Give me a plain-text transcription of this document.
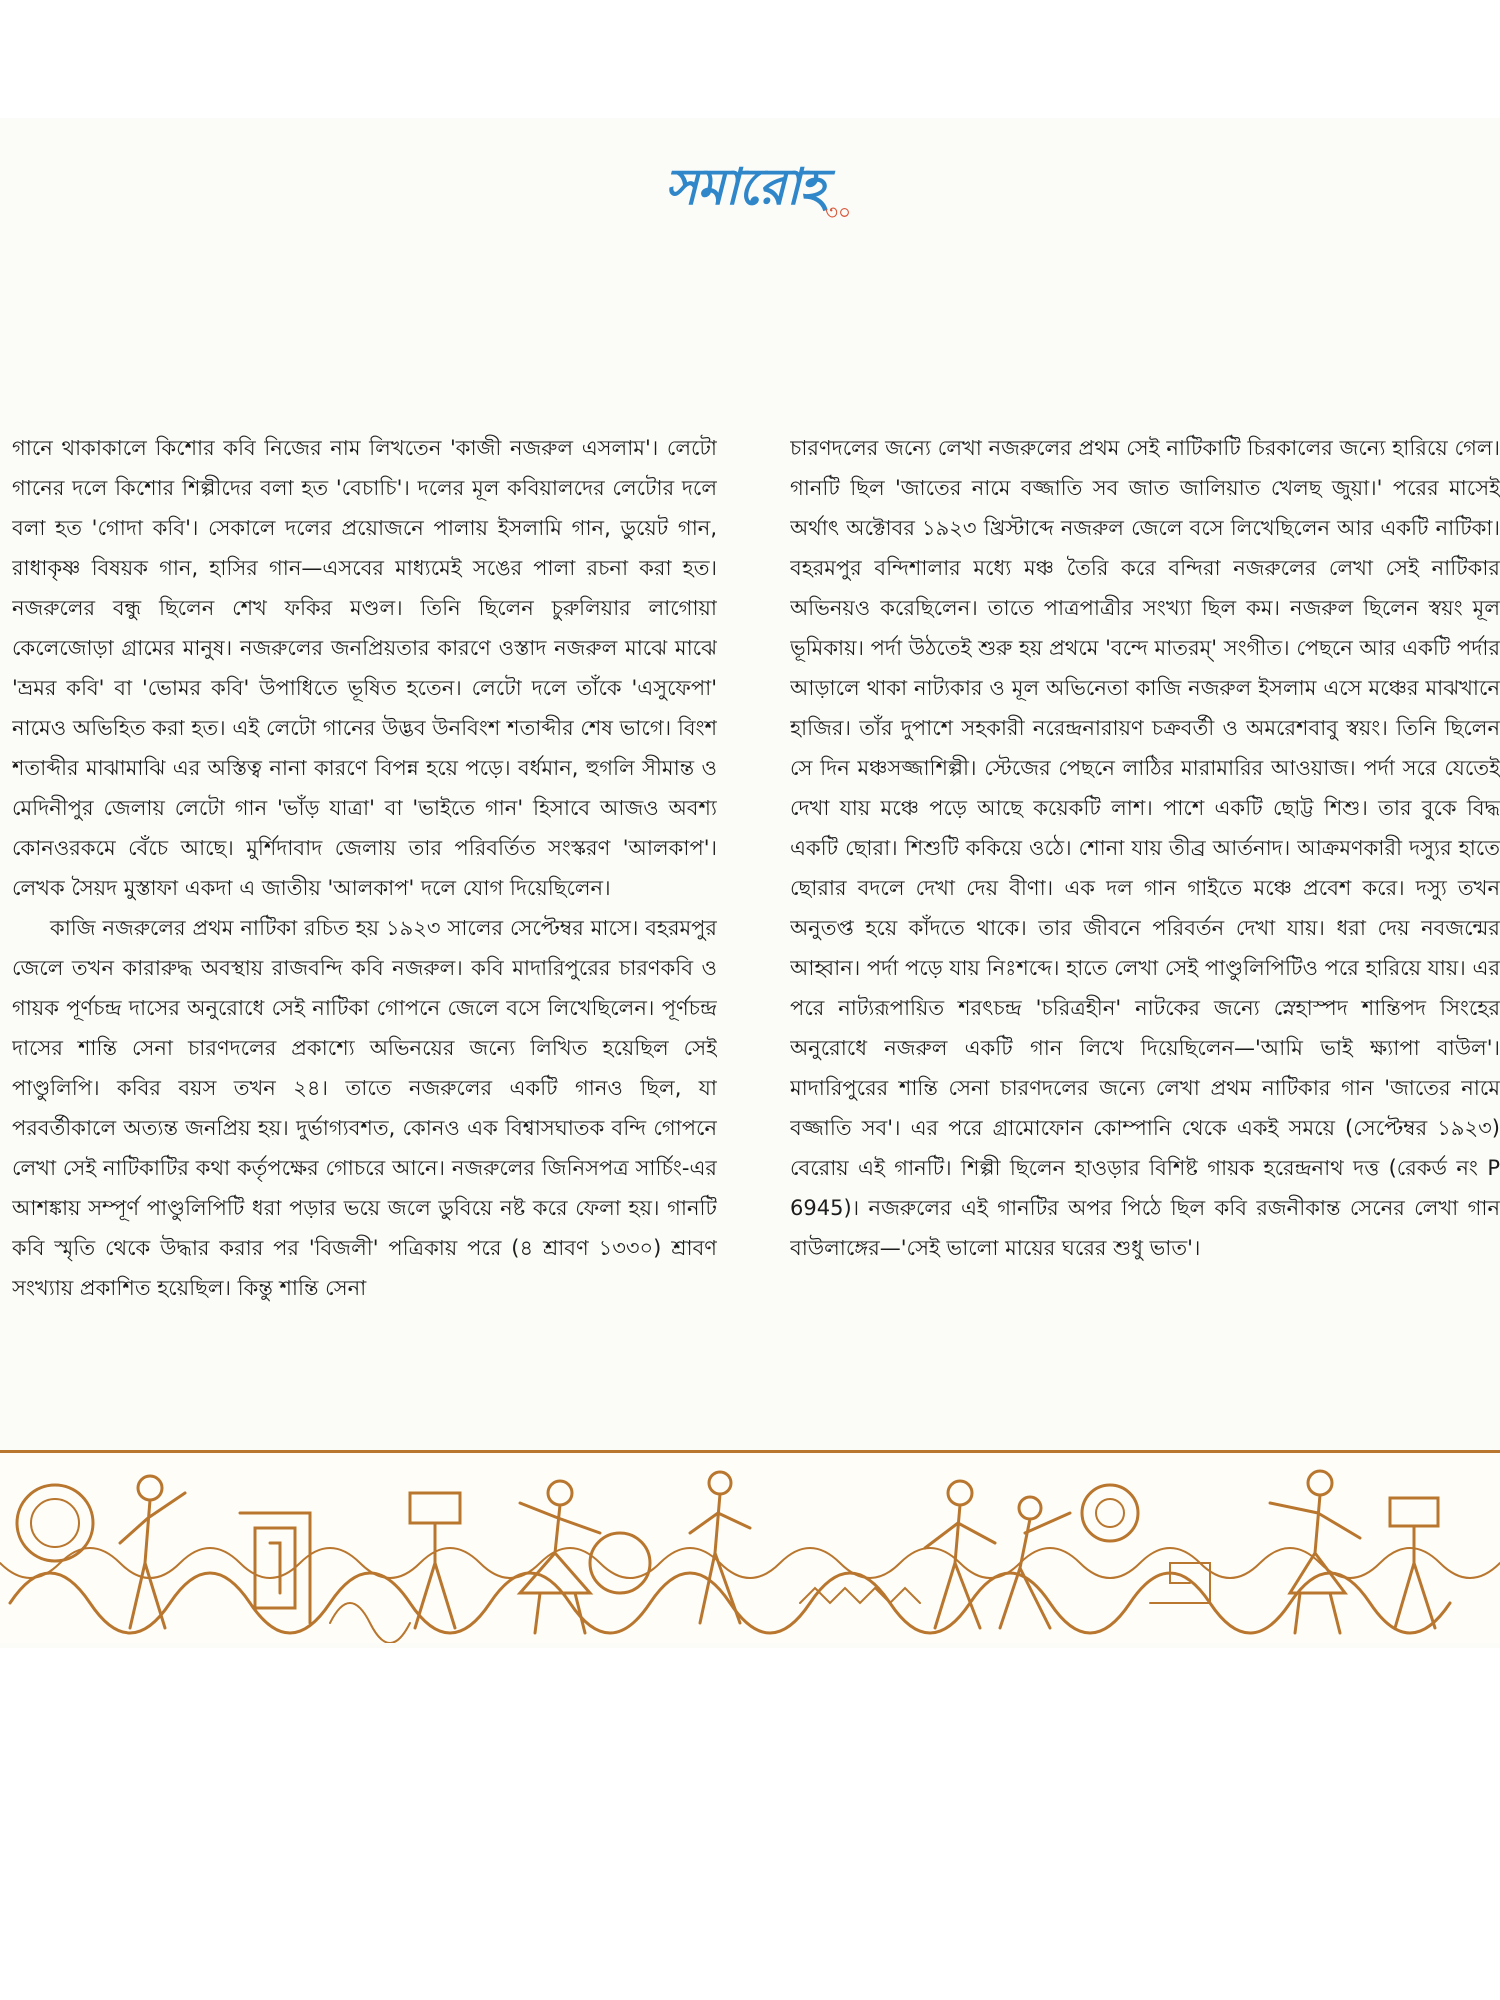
সমারোহ ৩০

গানে থাকাকালে কিশোর কবি নিজের নাম লিখতেন 'কাজী নজরুল এসলাম'। লেটো গানের দলে কিশোর শিল্পীদের বলা হত 'বেচাচি'। দলের মূল কবিয়ালদের লেটোর দলে বলা হত 'গোদা কবি'। সেকালে দলের প্রয়োজনে পালায় ইসলামি গান, ডুয়েট গান, রাধাকৃষ্ণ বিষয়ক গান, হাসির গান—এসবের মাধ্যমেই সঙের পালা রচনা করা হত। নজরুলের বন্ধু ছিলেন শেখ ফকির মণ্ডল। তিনি ছিলেন চুরুলিয়ার লাগোয়া কেলেজোড়া গ্রামের মানুষ। নজরুলের জনপ্রিয়তার কারণে ওস্তাদ নজরুল মাঝে মাঝে 'ভ্রমর কবি' বা 'ভোমর কবি' উপাধিতে ভূষিত হতেন। লেটো দলে তাঁকে 'এসুফেপা' নামেও অভিহিত করা হত। এই লেটো গানের উদ্ভব উনবিংশ শতাব্দীর শেষ ভাগে। বিংশ শতাব্দীর মাঝামাঝি এর অস্তিত্ব নানা কারণে বিপন্ন হয়ে পড়ে। বর্ধমান, হুগলি সীমান্ত ও মেদিনীপুর জেলায় লেটো গান 'ভাঁড় যাত্রা' বা 'ভাইতে গান' হিসাবে আজও অবশ্য কোনওরকমে বেঁচে আছে। মুর্শিদাবাদ জেলায় তার পরিবর্তিত সংস্করণ 'আলকাপ'। লেখক সৈয়দ মুস্তাফা একদা এ জাতীয় 'আলকাপ' দলে যোগ দিয়েছিলেন।

কাজি নজরুলের প্রথম নাটিকা রচিত হয় ১৯২৩ সালের সেপ্টেম্বর মাসে। বহরমপুর জেলে তখন কারারুদ্ধ অবস্থায় রাজবন্দি কবি নজরুল। কবি মাদারিপুরের চারণকবি ও গায়ক পূর্ণচন্দ্র দাসের অনুরোধে সেই নাটিকা গোপনে জেলে বসে লিখেছিলেন। পূর্ণচন্দ্র দাসের শান্তি সেনা চারণদলের প্রকাশ্যে অভিনয়ের জন্যে লিখিত হয়েছিল সেই পাণ্ডুলিপি। কবির বয়স তখন ২৪। তাতে নজরুলের একটি গানও ছিল, যা পরবর্তীকালে অত্যন্ত জনপ্রিয় হয়। দুর্ভাগ্যবশত, কোনও এক বিশ্বাসঘাতক বন্দি গোপনে লেখা সেই নাটিকাটির কথা কর্তৃপক্ষের গোচরে আনে। নজরুলের জিনিসপত্র সার্চিং-এর আশঙ্কায় সম্পূর্ণ পাণ্ডুলিপিটি ধরা পড়ার ভয়ে জলে ডুবিয়ে নষ্ট করে ফেলা হয়। গানটি কবি স্মৃতি থেকে উদ্ধার করার পর 'বিজলী' পত্রিকায় পরে (৪ শ্রাবণ ১৩৩০) শ্রাবণ সংখ্যায় প্রকাশিত হয়েছিল। কিন্তু শান্তি সেনা

চারণদলের জন্যে লেখা নজরুলের প্রথম সেই নাটিকাটি চিরকালের জন্যে হারিয়ে গেল। গানটি ছিল 'জাতের নামে বজ্জাতি সব জাত জালিয়াত খেলছ জুয়া।' পরের মাসেই অর্থাৎ অক্টোবর ১৯২৩ খ্রিস্টাব্দে নজরুল জেলে বসে লিখেছিলেন আর একটি নাটিকা। বহরমপুর বন্দিশালার মধ্যে মঞ্চ তৈরি করে বন্দিরা নজরুলের লেখা সেই নাটিকার অভিনয়ও করেছিলেন। তাতে পাত্রপাত্রীর সংখ্যা ছিল কম। নজরুল ছিলেন স্বয়ং মূল ভূমিকায়। পর্দা উঠতেই শুরু হয় প্রথমে 'বন্দে মাতরম্' সংগীত। পেছনে আর একটি পর্দার আড়ালে থাকা নাট্যকার ও মূল অভিনেতা কাজি নজরুল ইসলাম এসে মঞ্চের মাঝখানে হাজির। তাঁর দুপাশে সহকারী নরেন্দ্রনারায়ণ চক্রবর্তী ও অমরেশবাবু স্বয়ং। তিনি ছিলেন সে দিন মঞ্চসজ্জাশিল্পী। স্টেজের পেছনে লাঠির মারামারির আওয়াজ। পর্দা সরে যেতেই দেখা যায় মঞ্চে পড়ে আছে কয়েকটি লাশ। পাশে একটি ছোট্ট শিশু। তার বুকে বিদ্ধ একটি ছোরা। শিশুটি ককিয়ে ওঠে। শোনা যায় তীব্র আর্তনাদ। আক্রমণকারী দস্যুর হাতে ছোরার বদলে দেখা দেয় বীণা। এক দল গান গাইতে মঞ্চে প্রবেশ করে। দস্যু তখন অনুতপ্ত হয়ে কাঁদতে থাকে। তার জীবনে পরিবর্তন দেখা যায়। ধরা দেয় নবজন্মের আহ্বান। পর্দা পড়ে যায় নিঃশব্দে। হাতে লেখা সেই পাণ্ডুলিপিটিও পরে হারিয়ে যায়। এর পরে নাট্যরূপায়িত শরৎচন্দ্র 'চরিত্রহীন' নাটকের জন্যে স্নেহাস্পদ শান্তিপদ সিংহের অনুরোধে নজরুল একটি গান লিখে দিয়েছিলেন—'আমি ভাই ক্ষ্যাপা বাউল'। মাদারিপুরের শান্তি সেনা চারণদলের জন্যে লেখা প্রথম নাটিকার গান 'জাতের নামে বজ্জাতি সব'। এর পরে গ্রামোফোন কোম্পানি থেকে একই সময়ে (সেপ্টেম্বর ১৯২৩) বেরোয় এই গানটি। শিল্পী ছিলেন হাওড়ার বিশিষ্ট গায়ক হরেন্দ্রনাথ দত্ত (রেকর্ড নং P 6945)। নজরুলের এই গানটির অপর পিঠে ছিল কবি রজনীকান্ত সেনের লেখা গান বাউলাঙ্গের—'সেই ভালো মায়ের ঘরের শুধু ভাত'।
